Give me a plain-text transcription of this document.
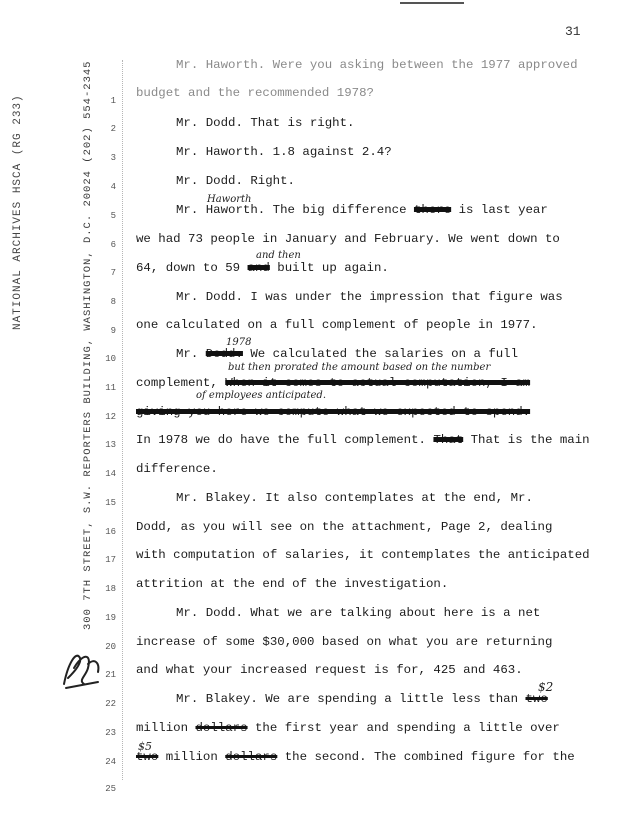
31
NATIONAL ARCHIVES HSCA (RG 233)	300 7TH STREET, S.W. REPORTERS BUILDING, WASHINGTON, D.C. 20024 (202) 554-2345	1
2
3
4
5
6
7
8
9
10
11
12
13
14
15
16
17
18
19
20
21
22
23
24
25
Mr. Haworth. Were you asking between the 1977 approved
budget and the recommended 1978?
Mr. Dodd. That is right.
Mr. Haworth. 1.8 against 2.4?
Mr. Dodd. Right.
Mr. Haworth. The big difference there is last year
Haworth
we had 73 people in January and February. We went down to
64, down to 59 and built up again.
and then
Mr. Dodd. I was under the impression that figure was
one calculated on a full complement of people in 1977.
Mr. Dodd. We calculated the salaries on a full
1978
complement, When it comes to actual computation, I am
but then prorated the amount based on the number
of employees anticipated.
giving you here we compute what we expected to spend.
In 1978 we do have the full complement. That That is the main
difference.
Mr. Blakey. It also contemplates at the end, Mr.
Dodd, as you will see on the attachment, Page 2, dealing
with computation of salaries, it contemplates the anticipated
attrition at the end of the investigation.
Mr. Dodd. What we are talking about here is a net
increase of some $30,000 based on what you are returning
and what your increased request is for, 425 and 463.
Mr. Blakey. We are spending a little less than two
$2
million dollars the first year and spending a little over
two million dollars the second. The combined figure for the
$5
